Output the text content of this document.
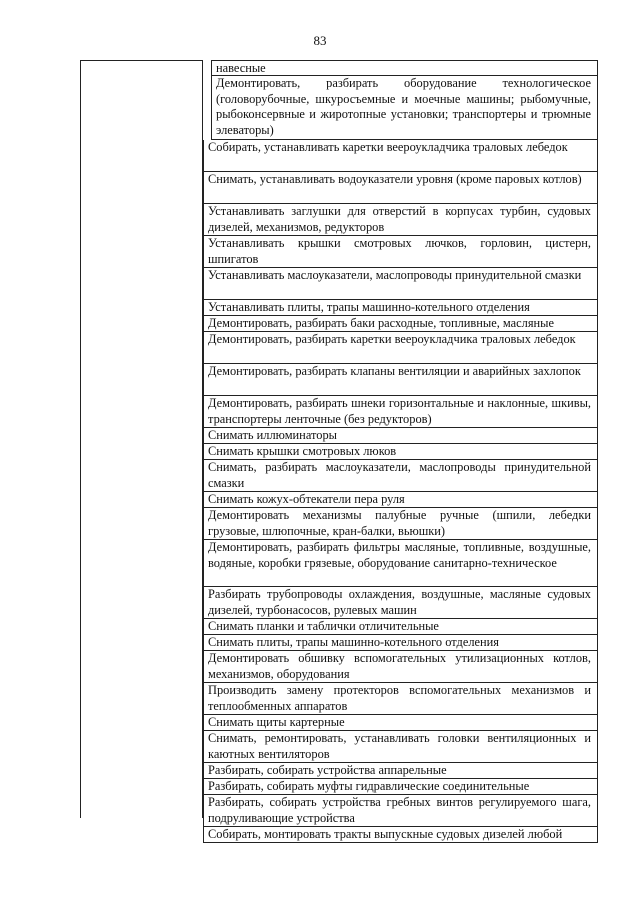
83
навесные
Демонтировать, разбирать оборудование технологическое (головорубочные, шкуросъемные и моечные машины; рыбомучные, рыбоконсервные и жиротопные установки; транспортеры и трюмные элеваторы)
Собирать, устанавливать каретки веероукладчика траловых лебедок
Снимать, устанавливать водоуказатели уровня (кроме паровых котлов)
Устанавливать заглушки для отверстий в корпусах турбин, судовых дизелей, механизмов, редукторов
Устанавливать крышки смотровых лючков, горловин, цистерн, шпигатов
Устанавливать маслоуказатели, маслопроводы принудительной смазки
Устанавливать плиты, трапы машинно-котельного отделения
Демонтировать, разбирать баки расходные, топливные, масляные
Демонтировать, разбирать каретки веероукладчика траловых лебедок
Демонтировать, разбирать клапаны вентиляции и аварийных захлопок
Демонтировать, разбирать шнеки горизонтальные и наклонные, шкивы, транспортеры ленточные (без редукторов)
Снимать иллюминаторы
Снимать крышки смотровых люков
Снимать, разбирать маслоуказатели, маслопроводы принудительной смазки
Снимать кожух-обтекатели пера руля
Демонтировать механизмы палубные ручные (шпили, лебедки грузовые, шлюпочные, кран-балки, вьюшки)
Демонтировать, разбирать фильтры масляные, топливные, воздушные, водяные, коробки грязевые, оборудование санитарно-техническое
Разбирать трубопроводы охлаждения, воздушные, масляные судовых дизелей, турбонасосов, рулевых машин
Снимать планки и таблички отличительные
Снимать плиты, трапы машинно-котельного отделения
Демонтировать обшивку вспомогательных утилизационных котлов, механизмов, оборудования
Производить замену протекторов вспомогательных механизмов и теплообменных аппаратов
Снимать щиты картерные
Снимать, ремонтировать, устанавливать головки вентиляционных и каютных вентиляторов
Разбирать, собирать устройства аппарельные
Разбирать, собирать муфты гидравлические соединительные
Разбирать, собирать устройства гребных винтов регулируемого шага, подруливающие устройства
Собирать, монтировать тракты выпускные судовых дизелей любой
